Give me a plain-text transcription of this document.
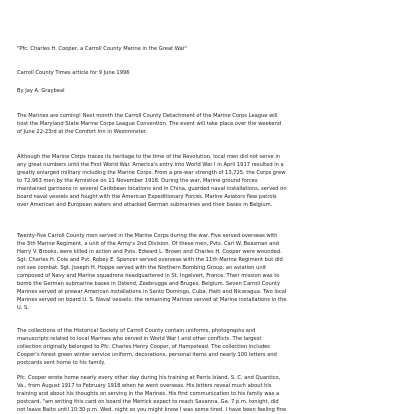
"Pfc. Charles H. Cooper, a Carroll County Marine in the Great War"

Carroll County Times article for 9 June 1996

By Jay A. Graybeal

The Marines are coming! Next month the Carroll County Detachment of the Marine Corps League will
host the Maryland State Marine Corps League Convention. The event will take place over the weekend
of June 22-23rd at the Comfort Inn in Westminster.

Although the Marine Corps traces its heritage to the time of the Revolution, local men did not serve in
any great numbers until the First World War. America's entry into World War I in April 1917 resulted in a
greatly enlarged military including the Marine Corps. From a pre-war strength of 13,725, the Corps grew
to 72,963 men by the Armistice on 11 November 1918. During the war, Marine ground forces
maintained garrisons in several Caribbean locations and in China, guarded naval installations, served on
board naval vessels and fought with the American Expeditionary Forces. Marine Aviators flew patrols
over American and European waters and attacked German submarines and their bases in Belgium.

Twenty-five Carroll County men served in the Marine Corps during the war. Five served overseas with
the 5th Marine Regiment, a unit of the Army's 2nd Division. Of these men, Pvts. Carl W. Beasman and
Harry V. Brooks, were killed in action and Pvts. Edward L. Brown and Charles H. Cooper were wounded.
Sgt. Charles H. Cole and Pvt. Robey E. Spencer served overseas with the 11th Marine Regiment but did
not see combat. Sgt. Joseph H. Hoppe served with the Northern Bombing Group, an aviation unit
composed of Navy and Marine squadrons headquartered in St. Ingelvert, France. Their mission was to
bomb the German submarine bases in Ostend, Zeebrugge and Bruges, Belgium. Seven Carroll County
Marines served at prewar American installations in Santo Domingo, Cuba, Haiti and Nicaragua. Two local
Marines served on board U. S. Naval vessels; the remaining Marines served at Marine installations in the
U. S.

The collections of the Historical Society of Carroll County contain uniforms, photographs and
manuscripts related to local Marines who served in World War I and other conflicts. The largest
collection originally belonged to Pfc. Charles Henry Cooper, of Hampstead. The collection includes
Cooper's forest green winter service uniform, decorations, personal items and nearly 100 letters and
postcards sent home to his family.

Pfc. Cooper wrote home nearly every other day during his training at Parris Island, S. C. and Quantico,
Va., from August 1917 to February 1918 when he went overseas. His letters reveal much about his
training and about his thoughts on serving in the Marines. His first communication to his family was a
postcard, "am writing this card on board the Merrick expect to reach Savanna, Ga. 7 p.m. tonight, did
not leave Balto until 10:30 p.m. Wed. night so you might know I was some tired. I have been feeling fine
